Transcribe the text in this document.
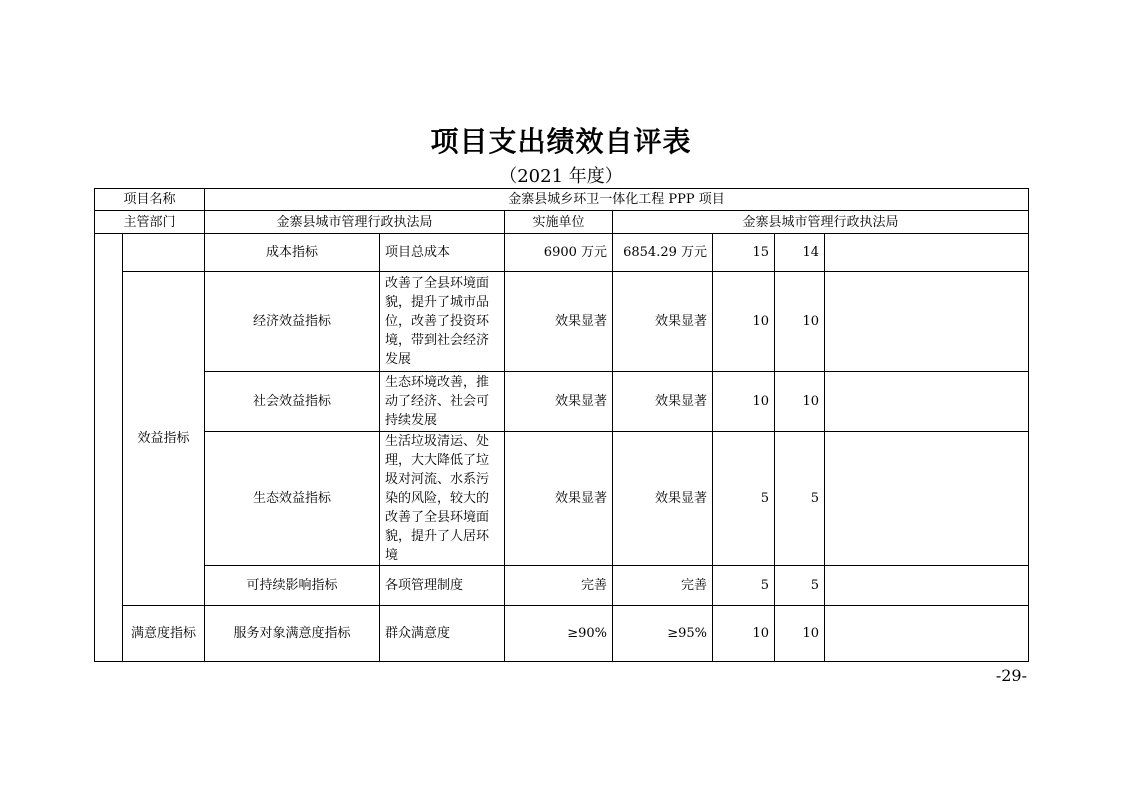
项目支出绩效自评表
（2021 年度）
项目名称		金寨县城乡环卫一体化工程 PPP 项目						
主管部门		金寨县城市管理行政执法局		实施单位	金寨县城市管理行政执法局			
		成本指标	项目总成本	6900 万元	6854.29 万元	15	14	
	效益指标	经济效益指标	改善了全县环境面貌，提升了城市品位，改善了投资环境，带到社会经济发展	效果显著	效果显著	10	10	
		社会效益指标	生态环境改善，推动了经济、社会可持续发展	效果显著	效果显著	10	10	
		生态效益指标	生活垃圾清运、处理，大大降低了垃圾对河流、水系污染的风险，较大的改善了全县环境面貌，提升了人居环境	效果显著	效果显著	5	5	
		可持续影响指标	各项管理制度	完善	完善	5	5	
	满意度指标	服务对象满意度指标	群众满意度	≥90%	≥95%	10	10	
-29-
